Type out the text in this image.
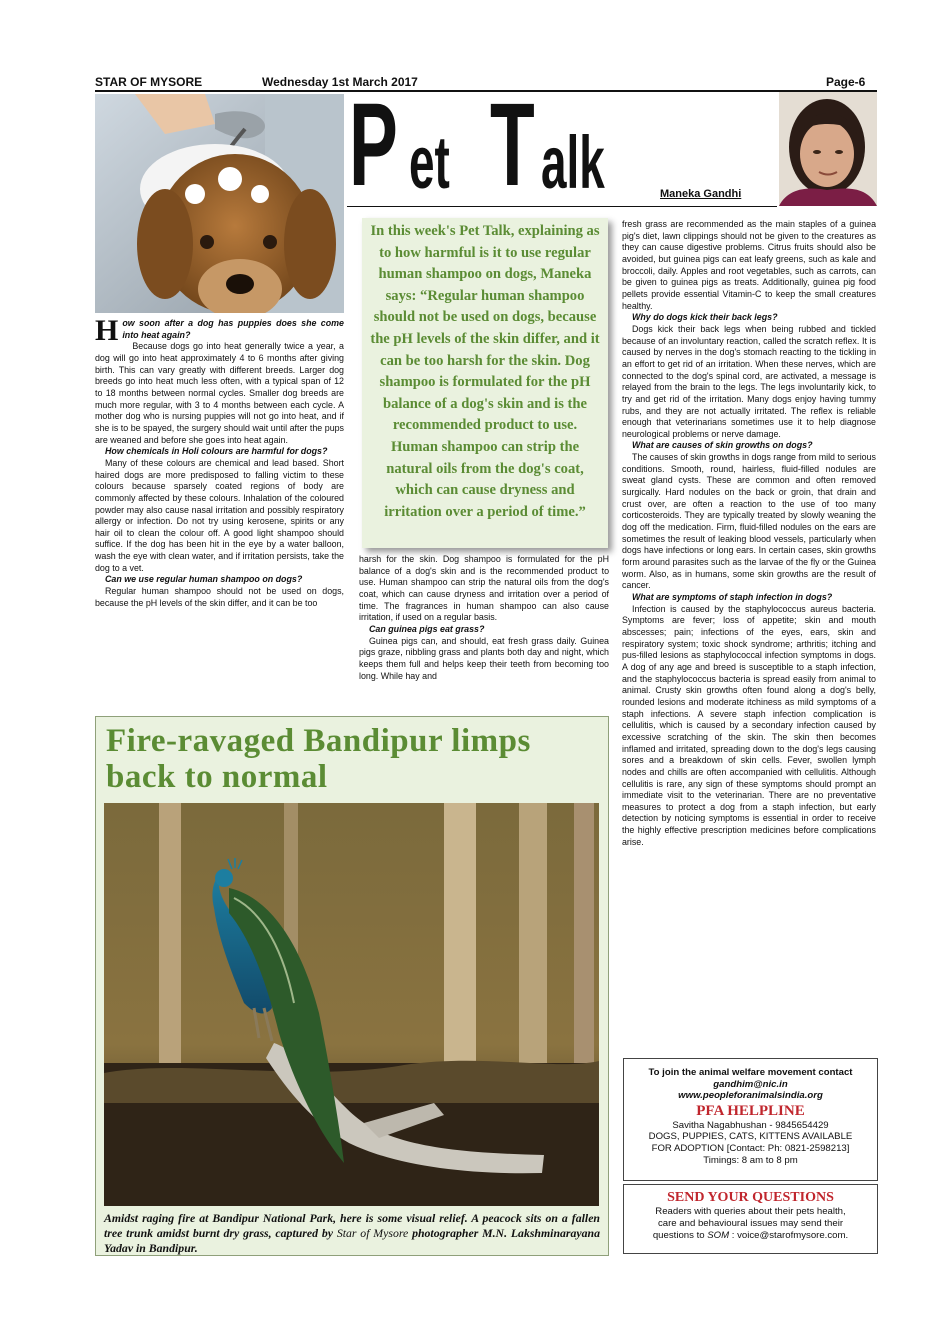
STAR OF MYSORE	Wednesday 1st March 2017	Page-6
P et T alk	Maneka Gandhi
In this week's Pet Talk, explaining as to how harmful is it to use regular human shampoo on dogs, Maneka says: “Regular human shampoo should not be used on dogs, because the pH levels of the skin differ, and it can be too harsh for the skin. Dog shampoo is formulated for the pH balance of a dog's skin and is the recommended product to use. Human shampoo can strip the natural oils from the dog's coat, which can cause dryness and irritation over a period of time.”

How soon after a dog has puppies does she come into heat again?

Because dogs go into heat generally twice a year, a dog will go into heat approximately 4 to 6 months after giving birth. This can vary greatly with different breeds. Larger dog breeds go into heat much less often, with a typical span of 12 to 18 months between normal cycles. Smaller dog breeds are much more regular, with 3 to 4 months between each cycle. A mother dog who is nursing puppies will not go into heat, and if she is to be spayed, the surgery should wait until after the pups are weaned and before she goes into heat again.

How chemicals in Holi colours are harmful for dogs?

Many of these colours are chemical and lead based. Short haired dogs are more predisposed to falling victim to these colours because sparsely coated regions of body are commonly affected by these colours. Inhalation of the coloured powder may also cause nasal irritation and possibly respiratory allergy or infection. Do not try using kerosene, spirits or any hair oil to clean the colour off. A good light shampoo should suffice. If the dog has been hit in the eye by a water balloon, wash the eye with clean water, and if irritation persists, take the dog to a vet.

Can we use regular human shampoo on dogs?

Regular human shampoo should not be used on dogs, because the pH levels of the skin differ, and it can be too

harsh for the skin. Dog shampoo is formulated for the pH balance of a dog's skin and is the recommended product to use. Human shampoo can strip the natural oils from the dog's coat, which can cause dryness and irritation over a period of time. The fragrances in human shampoo can also cause irritation, if used on a regular basis.

Can guinea pigs eat grass?

Guinea pigs can, and should, eat fresh grass daily. Guinea pigs graze, nibbling grass and plants both day and night, which keeps them full and helps keep their teeth from becoming too long. While hay and

fresh grass are recommended as the main staples of a guinea pig's diet, lawn clippings should not be given to the creatures as they can cause digestive problems. Citrus fruits should also be avoided, but guinea pigs can eat leafy greens, such as kale and broccoli, daily. Apples and root vegetables, such as carrots, can be given to guinea pigs as treats. Additionally, guinea pig food pellets provide essential Vitamin-C to keep the small creatures healthy.

Why do dogs kick their back legs?

Dogs kick their back legs when being rubbed and tickled because of an involuntary reaction, called the scratch reflex. It is caused by nerves in the dog's stomach reacting to the tickling in an effort to get rid of an irritation. When these nerves, which are connected to the dog's spinal cord, are activated, a message is relayed from the brain to the legs. The legs involuntarily kick, to try and get rid of the irritation. Many dogs enjoy having tummy rubs, and they are not actually irritated. The reflex is reliable enough that veterinarians sometimes use it to help diagnose neurological problems or nerve damage.

What are causes of skin growths on dogs?

The causes of skin growths in dogs range from mild to serious conditions. Smooth, round, hairless, fluid-filled nodules are sweat gland cysts. These are common and often removed surgically. Hard nodules on the back or groin, that drain and crust over, are often a reaction to the use of too many corticosteroids. They are typically treated by slowly weaning the dog off the medication. Firm, fluid-filled nodules on the ears are sometimes the result of leaking blood vessels, particularly when dogs have infections or long ears. In certain cases, skin growths form around parasites such as the larvae of the fly or the Guinea worm. Also, as in humans, some skin growths are the result of cancer.

What are symptoms of staph infection in dogs?

Infection is caused by the staphylococcus aureus bacteria. Symptoms are fever; loss of appetite; skin and mouth abscesses; pain; infections of the eyes, ears, skin and respiratory system; toxic shock syndrome; arthritis; itching and pus-filled lesions as staphylococcal infection symptoms in dogs. A dog of any age and breed is susceptible to a staph infection, and the staphylococcus bacteria is spread easily from animal to animal. Crusty skin growths often found along a dog's belly, rounded lesions and moderate itchiness as mild symptoms of a staph infections. A severe staph infection complication is cellulitis, which is caused by a secondary infection caused by excessive scratching of the skin. The skin then becomes inflamed and irritated, spreading down to the dog's legs causing sores and a breakdown of skin cells. Fever, swollen lymph nodes and chills are often accompanied with cellulitis. Although cellulitis is rare, any sign of these symptoms should prompt an immediate visit to the veterinarian. There are no preventative measures to protect a dog from a staph infection, but early detection by noticing symptoms is essential in order to receive the highly effective prescription medicines before complications arise.

Fire-ravaged Bandipur limps
back to normal
Amidst raging fire at Bandipur National Park, here is some visual relief. A peacock sits on a fallen tree trunk amidst burnt dry grass, captured by Star of Mysore photographer M.N. Lakshminarayana Yadav in Bandipur.
To join the animal welfare movement contact
gandhim@nic.in
www.peopleforanimalsindia.org
PFA HELPLINE
Savitha Nagabhushan - 9845654429
DOGS, PUPPIES, CATS, KITTENS AVAILABLE
FOR ADOPTION [Contact: Ph: 0821-2598213]
Timings: 8 am to 8 pm
SEND YOUR QUESTIONS
Readers with queries about their pets health,
care and behavioural issues may send their
questions to SOM : voice@starofmysore.com.
